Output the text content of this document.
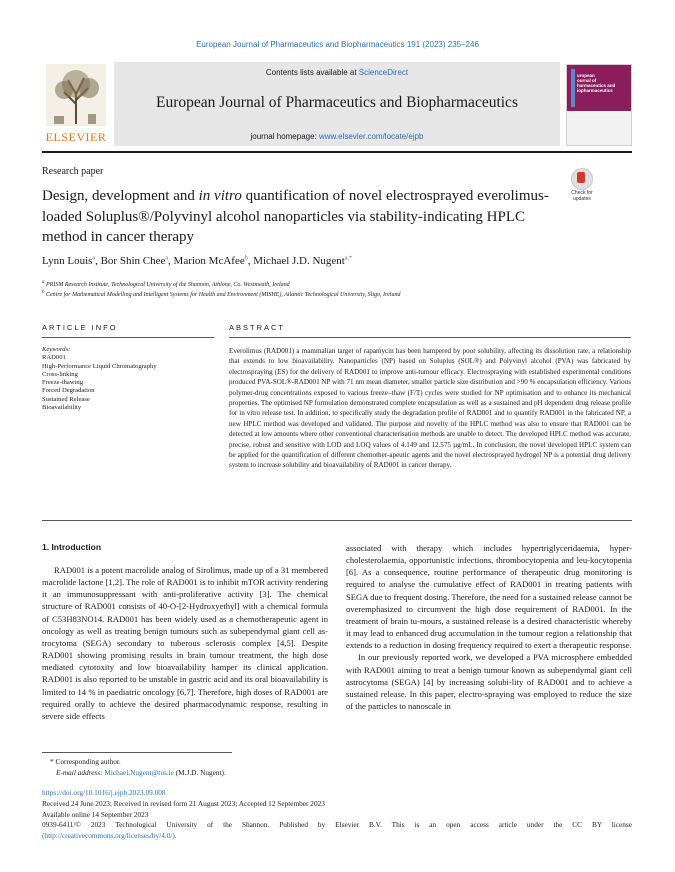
European Journal of Pharmaceutics and Biopharmaceutics 191 (2023) 235–246
ELSEVIER
Contents lists available at ScienceDirect
European Journal of Pharmaceutics and Biopharmaceutics
journal homepage: www.elsevier.com/locate/ejpb
uropean
ournal of
harmaceutics and
iopharmaceutics
Research paper
Design, development and in vitro quantification of novel electrosprayed everolimus-loaded Soluplus®/Polyvinyl alcohol nanoparticles via stability-indicating HPLC method in cancer therapy
Check for
updates
Lynn Louis$^a$, Bor Shin Chee$^a$, Marion McAfee$^b$, Michael J.D. Nugent$^{a,*}$
$^a$ PRISM Research Institute, Technological University of the Shannon, Athlone, Co. Westmeath, Ireland
$^b$ Centre for Mathematical Modelling and Intelligent Systems for Health and Environment (MISHE), Atlantic Technological University, Sligo, Ireland
ARTICLE INFO	ABSTRACT
Keywords:
RAD001
High-Performance Liquid Chromatography
Cross-linking
Freeze-thawing
Forced Degradation
Sustained Release
Bioavailability
Everolimus (RAD001) a mammalian target of rapamycin has been hampered by poor solubility, affecting its dissolution rate, a relationship that extends to low bioavailability. Nanoparticles (NP) based on Soluplus (SOL®) and Polyvinyl alcohol (PVA) was fabricated by electrospraying (ES) for the delivery of RAD001 to improve anti-tumour efficacy. Electrospraying with established experimental conditions produced PVA-SOL®-RAD001 NP with 71 nm mean diameter, smaller particle size distribution and >90 % encapsulation efficiency. Various polymer-drug concentrations exposed to various freeze–thaw (F/T) cycles were studied for NP optimisation and to enhance its mechanical properties. The optimised NP formulation demonstrated complete encapsulation as well as a sustained and pH dependent drug release profile for in vitro release test. In addition, to specifically study the degradation profile of RAD001 and to quantify RAD001 in the fabricated NP, a new HPLC method was developed and validated. The purpose and novelty of the HPLC method was also to ensure that RAD001 can be detected at low amounts where other conventional characterisation methods are unable to detect. The developed HPLC method was accurate, precise, robust and sensitive with LOD and LOQ values of 4.149 and 12.575 µg/mL. In conclusion, the novel developed HPLC system can be applied for the quantification of different chemother-apeutic agents and the novel electrosprayed hydrogel NP is a potential drug delivery system to increase solubility and bioavailability of RAD001 in cancer therapy.
1. Introduction

RAD001 is a potent macrolide analog of Sirolimus, made up of a 31 membered macrolide lactone [1,2]. The role of RAD001 is to inhibit mTOR activity rendering it an immunosuppressant with anti-proliferative activity [3]. The chemical structure of RAD001 consists of 40-O-[2-Hydroxyethyl] with a chemical formula of C53H83NO14. RAD001 has been widely used as a chemotherapeutic agent in oncology as well as treating benign tumours such as subependymal giant cell as-trocytoma (SEGA) secondary to tuberous sclerosis complex [4,5]. Despite RAD001 showing promising results in brain tumour treatment, the high dose mediated cytotoxity and low bioavailability hamper its clinical application. RAD001 is also reported to be unstable in gastric acid and its oral bioavailability is limited to 14 % in paediatric oncology [6,7]. Therefore, high doses of RAD001 are required orally to achieve the desired pharmacodynamic response, resulting in severe side effects

associated with therapy which includes hypertriglyceridaemia, hyper-cholesterolaemia, opportunistic infections, thrombocytopenia and leu-kocytopenia [6]. As a consequence, routine performance of therapeutic drug monitoring is required to analyse the cumulative effect of RAD001 in treating patients with SEGA due to frequent dosing. Therefore, the need for a sustained release cannot be overemphasized to circumvent the high dose requirement of RAD001. In the treatment of brain tu-mours, a sustained release is a desired characteristic whereby it may lead to enhanced drug accumulation in the tumour region a relationship that extends to a reduction in dosing frequency required to exert a therapeutic response.

In our previously reported work, we developed a PVA microsphere embedded with RAD001 aiming to treat a benign tumour known as subependymal giant cell astrocytoma (SEGA) [4] by increasing solubi-lity of RAD001 and to achieve a sustained release. In this paper, electro-spraying was employed to reduce the size of the particles to nanoscale in

* Corresponding author.
E-mail address: Michael.Nugent@tus.ie (M.J.D. Nugent).
https://doi.org/10.1016/j.ejpb.2023.09.008
Received 24 June 2023; Received in revised form 21 August 2023; Accepted 12 September 2023
Available online 14 September 2023
0939-6411/© 2023 Technological University of the Shannon. Published by Elsevier B.V. This is an open access article under the CC BY license
(http://creativecommons.org/licenses/by/4.0/).
